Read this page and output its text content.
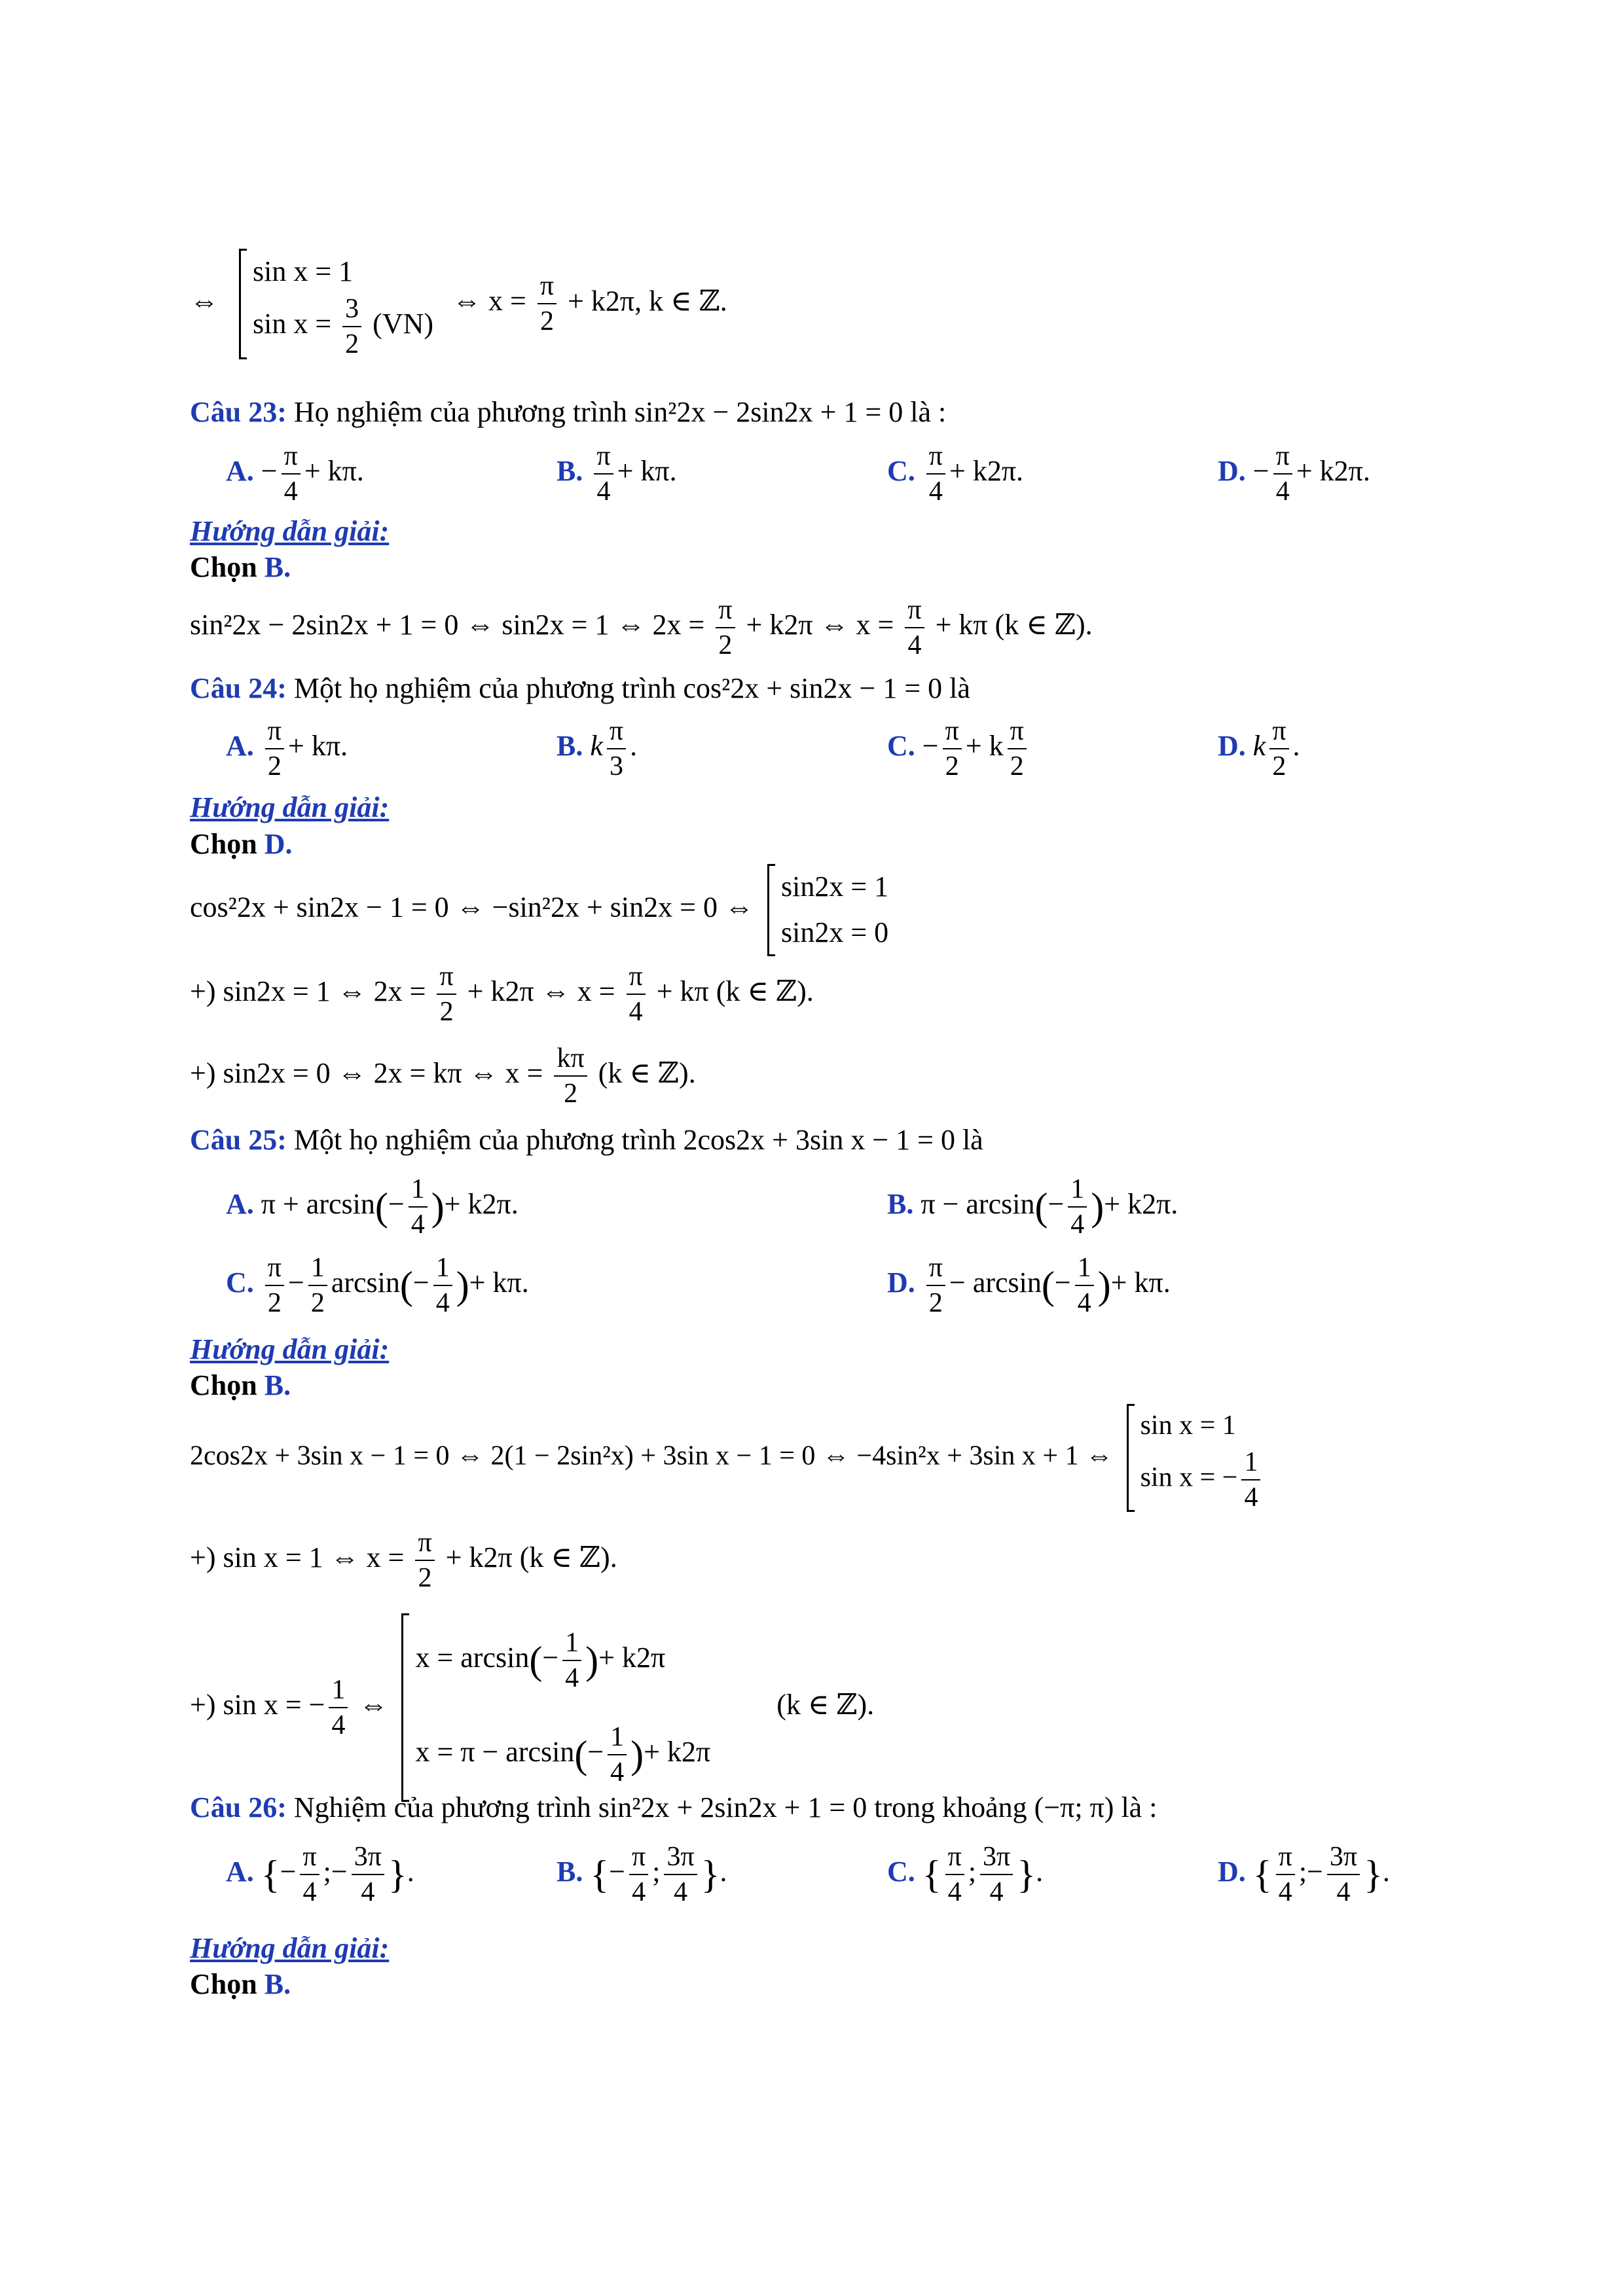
⇔
sin x = 1
$\sin x = \frac{3}{2} (VN)$
⇔ $x = \frac{\pi}{2} + k2\pi$, k ∈ ℤ.
Câu 23: Họ nghiệm của phương trình sin²2x − 2sin2x + 1 = 0 là :
A. − $\frac{\pi}{4} + k\pi$.	B. $\frac{\pi}{4} + k\pi$.	C. $\frac{\pi}{4} + k2\pi$.	D. − $\frac{\pi}{4} + k2\pi$.
Hướng dẫn giải:
Chọn B.
sin²2x − 2sin2x + 1 = 0 ⇔ sin2x = 1 ⇔ $2x = \frac{\pi}{2} + k2\pi$ ⇔ $x = \frac{\pi}{4} + k\pi$ (k ∈ ℤ).
Câu 24: Một họ nghiệm của phương trình cos²2x + sin2x − 1 = 0 là
A. $\frac{\pi}{2} + k\pi$.	B. k $\frac{\pi}{3}$ .	C. − $\frac{\pi}{2} + k \frac{\pi}{2}$	D. k $\frac{\pi}{2}$ .
Hướng dẫn giải:
Chọn D.
cos²2x + sin2x − 1 = 0 ⇔ −sin²2x + sin2x = 0 ⇔
sin2x = 1
sin2x = 0
+) sin2x = 1 ⇔ $2x = \frac{\pi}{2} + k2\pi$ ⇔ $x = \frac{\pi}{4} + k\pi$ (k ∈ ℤ).
+) sin2x = 0 ⇔ 2x = kπ ⇔ $x = \frac{k\pi}{2} (k$ ∈ ℤ).
Câu 25: Một họ nghiệm của phương trình 2cos2x + 3sin x − 1 = 0 là
A. $\pi + \arcsin(- \frac{1}{4}$ )+ k2π.	B. $\pi - \arcsin(- \frac{1}{4}$ )+ k2π.
C. $\frac{\pi}{2} - \frac{1}{2} \arcsin(- \frac{1}{4}$ )+ kπ.	D. $\frac{\pi}{2} - \arcsin(- \frac{1}{4}$ )+ kπ.
Hướng dẫn giải:
Chọn B.
2cos2x + 3sin x − 1 = 0 ⇔ 2(1 − 2sin²x) + 3sin x − 1 = 0 ⇔ −4sin²x + 3sin x + 1 ⇔
sin x = 1
sin x = − $\frac{1}{4}$
+) sin x = 1 ⇔ $x = \frac{\pi}{2} + k2\pi$ (k ∈ ℤ).
+) sin x = − $\frac{1}{4}$ ⇔
$x = \arcsin(- \frac{1}{4}$ )+ k2π
$x = \pi - \arcsin(- \frac{1}{4}$ )+ k2π
(k ∈ ℤ).
Câu 26: Nghiệm của phương trình sin²2x + 2sin2x + 1 = 0 trong khoảng (−π; π) là :
A. {− $\frac{\pi}{4}$ ;− $\frac{3\pi}{4}$ }.	B. {− $\frac{\pi}{4}$ ; $\frac{3\pi}{4}$ }.	C. { $\frac{\pi}{4}$ ; $\frac{3\pi}{4}$ }.	D. { $\frac{\pi}{4}$ ;− $\frac{3\pi}{4}$ }.
Hướng dẫn giải:
Chọn B.
